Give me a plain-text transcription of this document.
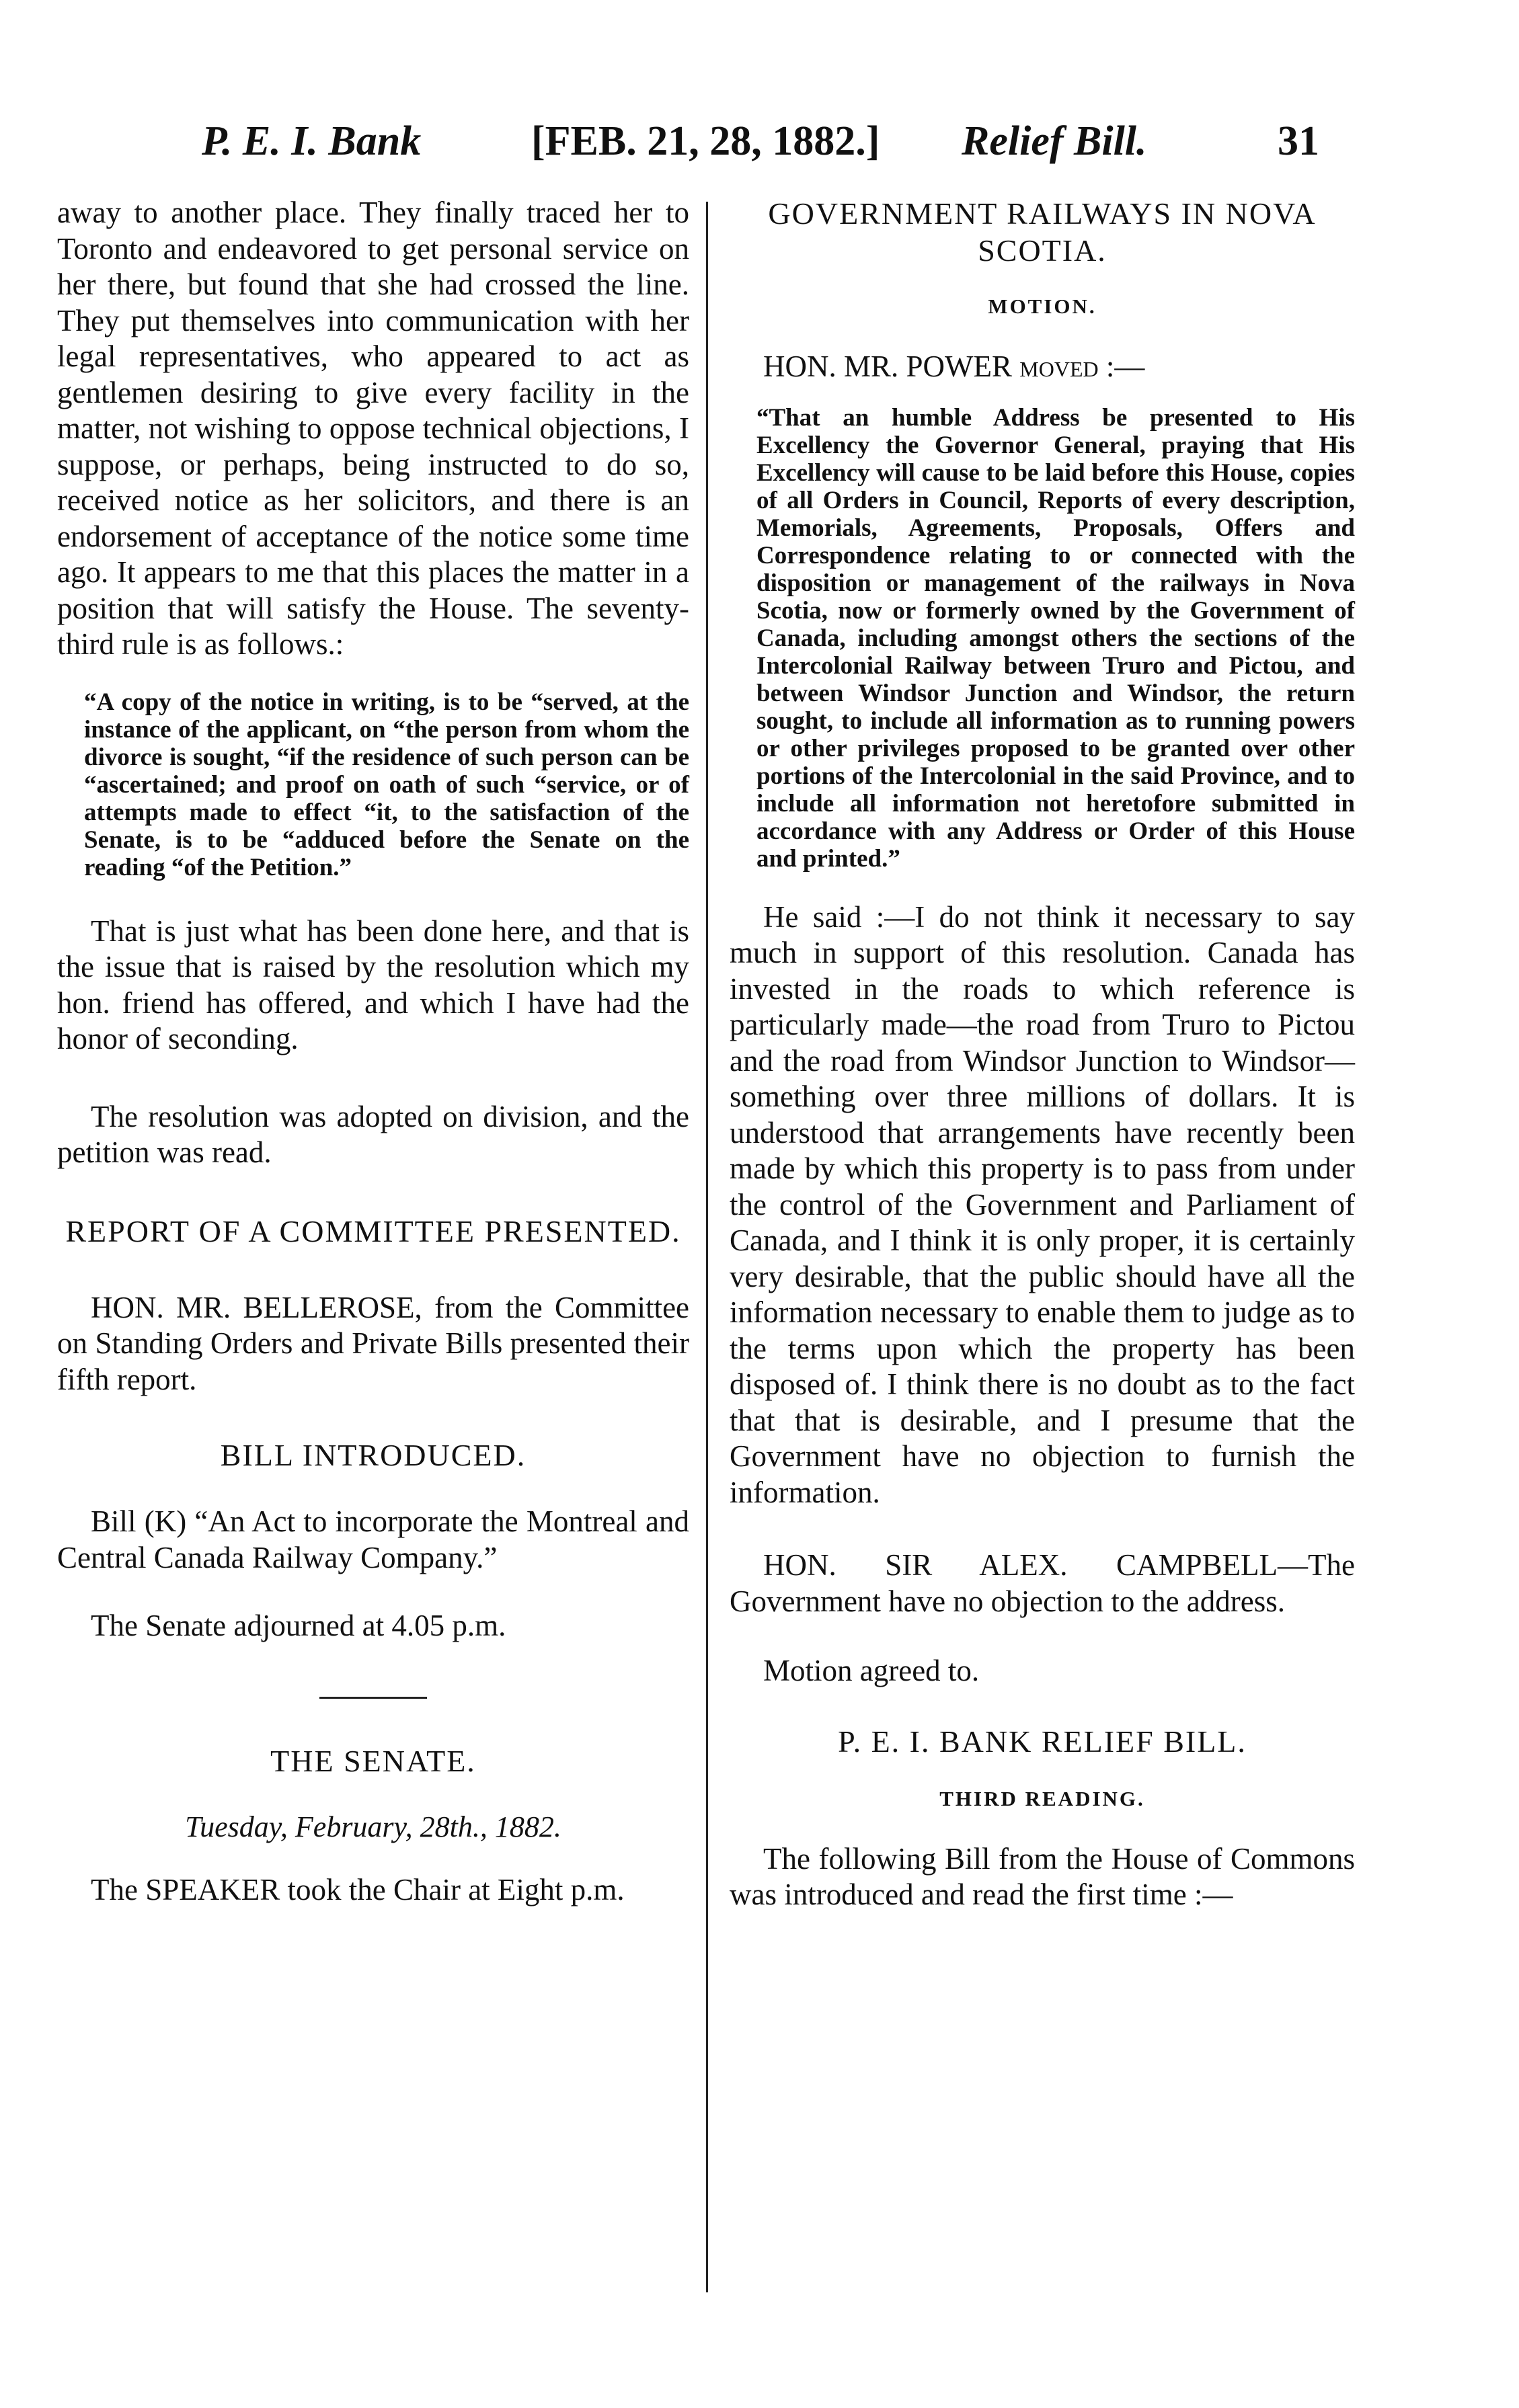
P. E. I. Bank	[FEB. 21, 28, 1882.] Relief Bill.	31

away to another place. They finally traced her to Toronto and endeavored to get personal service on her there, but found that she had crossed the line. They put themselves into communication with her legal representatives, who appeared to act as gentlemen desiring to give every facility in the matter, not wishing to oppose technical objections, I suppose, or perhaps, being instructed to do so, received notice as her solicitors, and there is an endorsement of acceptance of the notice some time ago. It appears to me that this places the matter in a position that will satisfy the House. The seventy-third rule is as follows.:

“A copy of the notice in writing, is to be “served, at the instance of the applicant, on “the person from whom the divorce is sought, “if the residence of such person can be “ascertained; and proof on oath of such “service, or of attempts made to effect “it, to the satisfaction of the Senate, is to be “adduced before the Senate on the reading “of the Petition.”

That is just what has been done here, and that is the issue that is raised by the resolution which my hon. friend has offered, and which I have had the honor of seconding.

The resolution was adopted on division, and the petition was read.

REPORT OF A COMMITTEE PRESENTED.

HON. MR. BELLEROSE, from the Committee on Standing Orders and Private Bills presented their fifth report.

BILL INTRODUCED.

Bill (K) “An Act to incorporate the Montreal and Central Canada Railway Company.”

The Senate adjourned at 4.05 p.m.

THE SENATE.

Tuesday, February, 28th., 1882.

The SPEAKER took the Chair at Eight p.m.

GOVERNMENT RAILWAYS IN NOVA SCOTIA.

MOTION.

HON. MR. POWER moved :—

“That an humble Address be presented to His Excellency the Governor General, praying that His Excellency will cause to be laid before this House, copies of all Orders in Council, Reports of every description, Memorials, Agreements, Proposals, Offers and Correspondence relating to or connected with the disposition or management of the railways in Nova Scotia, now or formerly owned by the Government of Canada, including amongst others the sections of the Intercolonial Railway between Truro and Pictou, and between Windsor Junction and Windsor, the return sought, to include all information as to running powers or other privileges proposed to be granted over other portions of the Intercolonial in the said Province, and to include all information not heretofore submitted in accordance with any Address or Order of this House and printed.”

He said :—I do not think it necessary to say much in support of this resolution. Canada has invested in the roads to which reference is particularly made—the road from Truro to Pictou and the road from Windsor Junction to Windsor—something over three millions of dollars. It is understood that arrangements have recently been made by which this property is to pass from under the control of the Government and Parliament of Canada, and I think it is only proper, it is certainly very desirable, that the public should have all the information necessary to enable them to judge as to the terms upon which the property has been disposed of. I think there is no doubt as to the fact that that is desirable, and I presume that the Government have no objection to furnish the information.

HON. SIR ALEX. CAMPBELL—The Government have no objection to the address.

Motion agreed to.

P. E. I. BANK RELIEF BILL.

THIRD READING.

The following Bill from the House of Commons was introduced and read the first time :—
